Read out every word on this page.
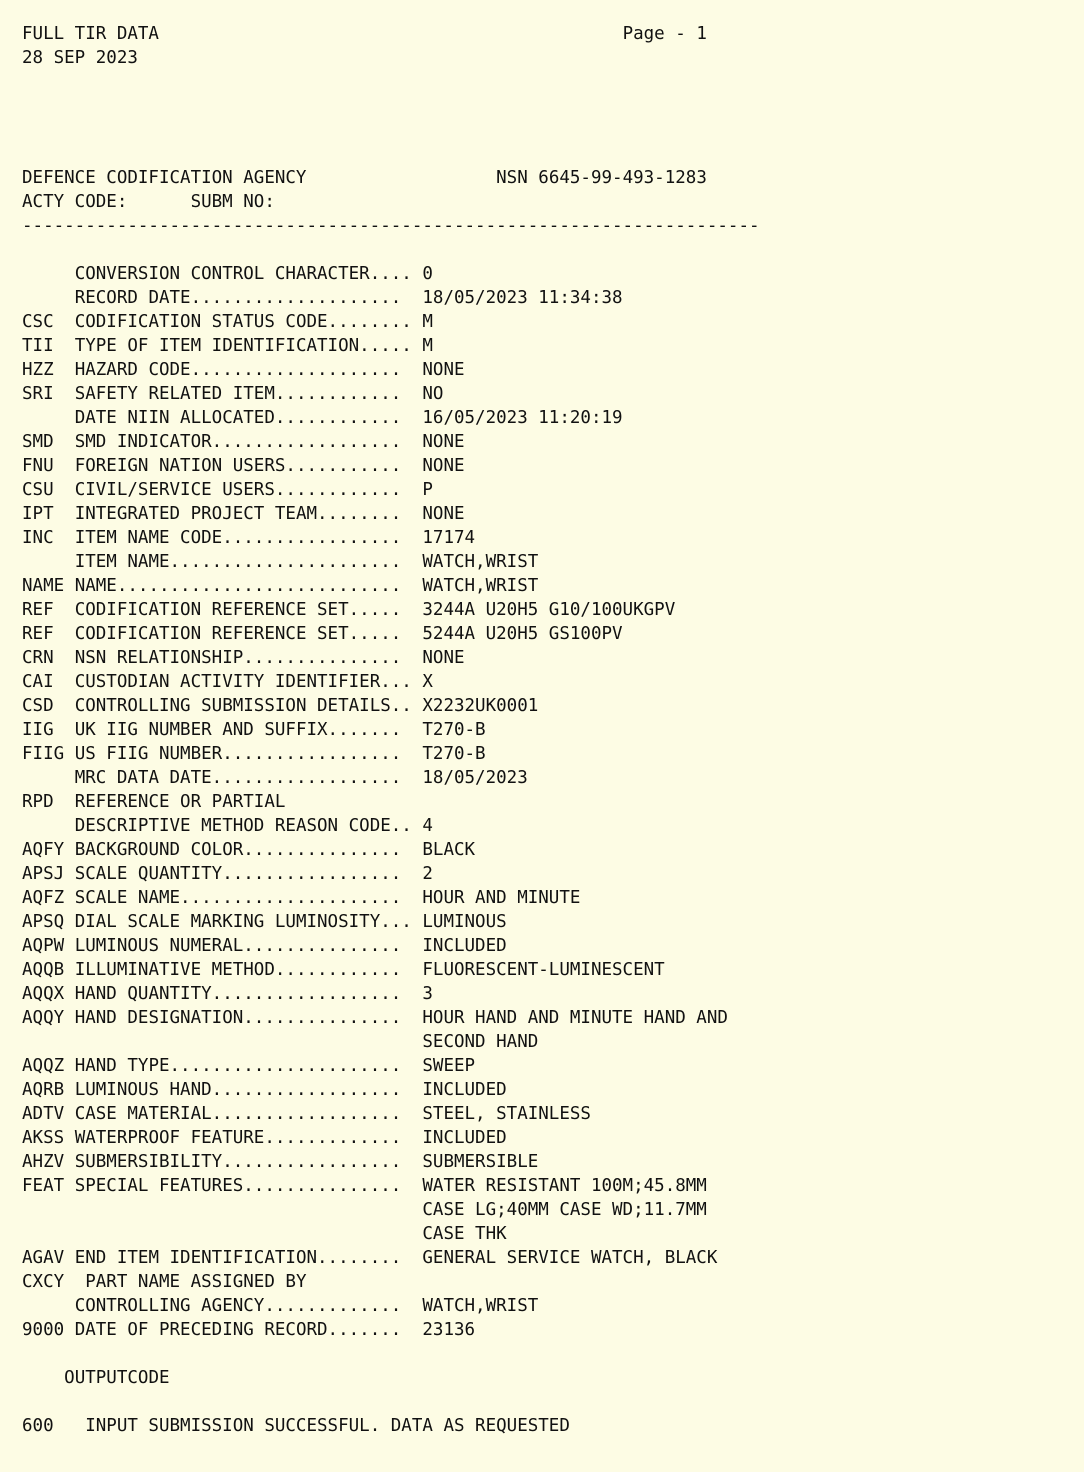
FULL TIR DATA	Page - 1
28 SEP 2023

DEFENCE CODIFICATION AGENCY	NSN 6645-99-493-1283
ACTY CODE:	SUBM NO:
----------------------------------------------------------------------

CONVERSION CONTROL CHARACTER.... 0
RECORD DATE....................  18/05/2023 11:34:38
CSC  CODIFICATION STATUS CODE........ M
TII  TYPE OF ITEM IDENTIFICATION..... M
HZZ  HAZARD CODE....................  NONE
SRI  SAFETY RELATED ITEM............  NO
DATE NIIN ALLOCATED............  16/05/2023 11:20:19
SMD  SMD INDICATOR..................  NONE
FNU  FOREIGN NATION USERS...........  NONE
CSU  CIVIL/SERVICE USERS............  P
IPT  INTEGRATED PROJECT TEAM........  NONE
INC  ITEM NAME CODE.................  17174
ITEM NAME......................  WATCH,WRIST
NAME NAME...........................  WATCH,WRIST
REF  CODIFICATION REFERENCE SET.....  3244A U20H5 G10/100UKGPV
REF  CODIFICATION REFERENCE SET.....  5244A U20H5 GS100PV
CRN  NSN RELATIONSHIP...............  NONE
CAI  CUSTODIAN ACTIVITY IDENTIFIER... X
CSD  CONTROLLING SUBMISSION DETAILS.. X2232UK0001
IIG  UK IIG NUMBER AND SUFFIX.......  T270-B
FIIG US FIIG NUMBER.................  T270-B
MRC DATA DATE..................  18/05/2023
RPD  REFERENCE OR PARTIAL
DESCRIPTIVE METHOD REASON CODE.. 4
AQFY BACKGROUND COLOR...............  BLACK
APSJ SCALE QUANTITY.................  2
AQFZ SCALE NAME.....................  HOUR AND MINUTE
APSQ DIAL SCALE MARKING LUMINOSITY... LUMINOUS
AQPW LUMINOUS NUMERAL...............  INCLUDED
AQQB ILLUMINATIVE METHOD............  FLUORESCENT-LUMINESCENT
AQQX HAND QUANTITY..................  3
AQQY HAND DESIGNATION...............  HOUR HAND AND MINUTE HAND AND
SECOND HAND
AQQZ HAND TYPE......................  SWEEP
AQRB LUMINOUS HAND..................  INCLUDED
ADTV CASE MATERIAL..................  STEEL, STAINLESS
AKSS WATERPROOF FEATURE.............  INCLUDED
AHZV SUBMERSIBILITY.................  SUBMERSIBLE
FEAT SPECIAL FEATURES...............  WATER RESISTANT 100M;45.8MM
CASE LG;40MM CASE WD;11.7MM
CASE THK
AGAV END ITEM IDENTIFICATION........  GENERAL SERVICE WATCH, BLACK
CXCY  PART NAME ASSIGNED BY
CONTROLLING AGENCY.............  WATCH,WRIST
9000 DATE OF PRECEDING RECORD.......  23136

OUTPUTCODE

600 INPUT SUBMISSION SUCCESSFUL. DATA AS REQUESTED
